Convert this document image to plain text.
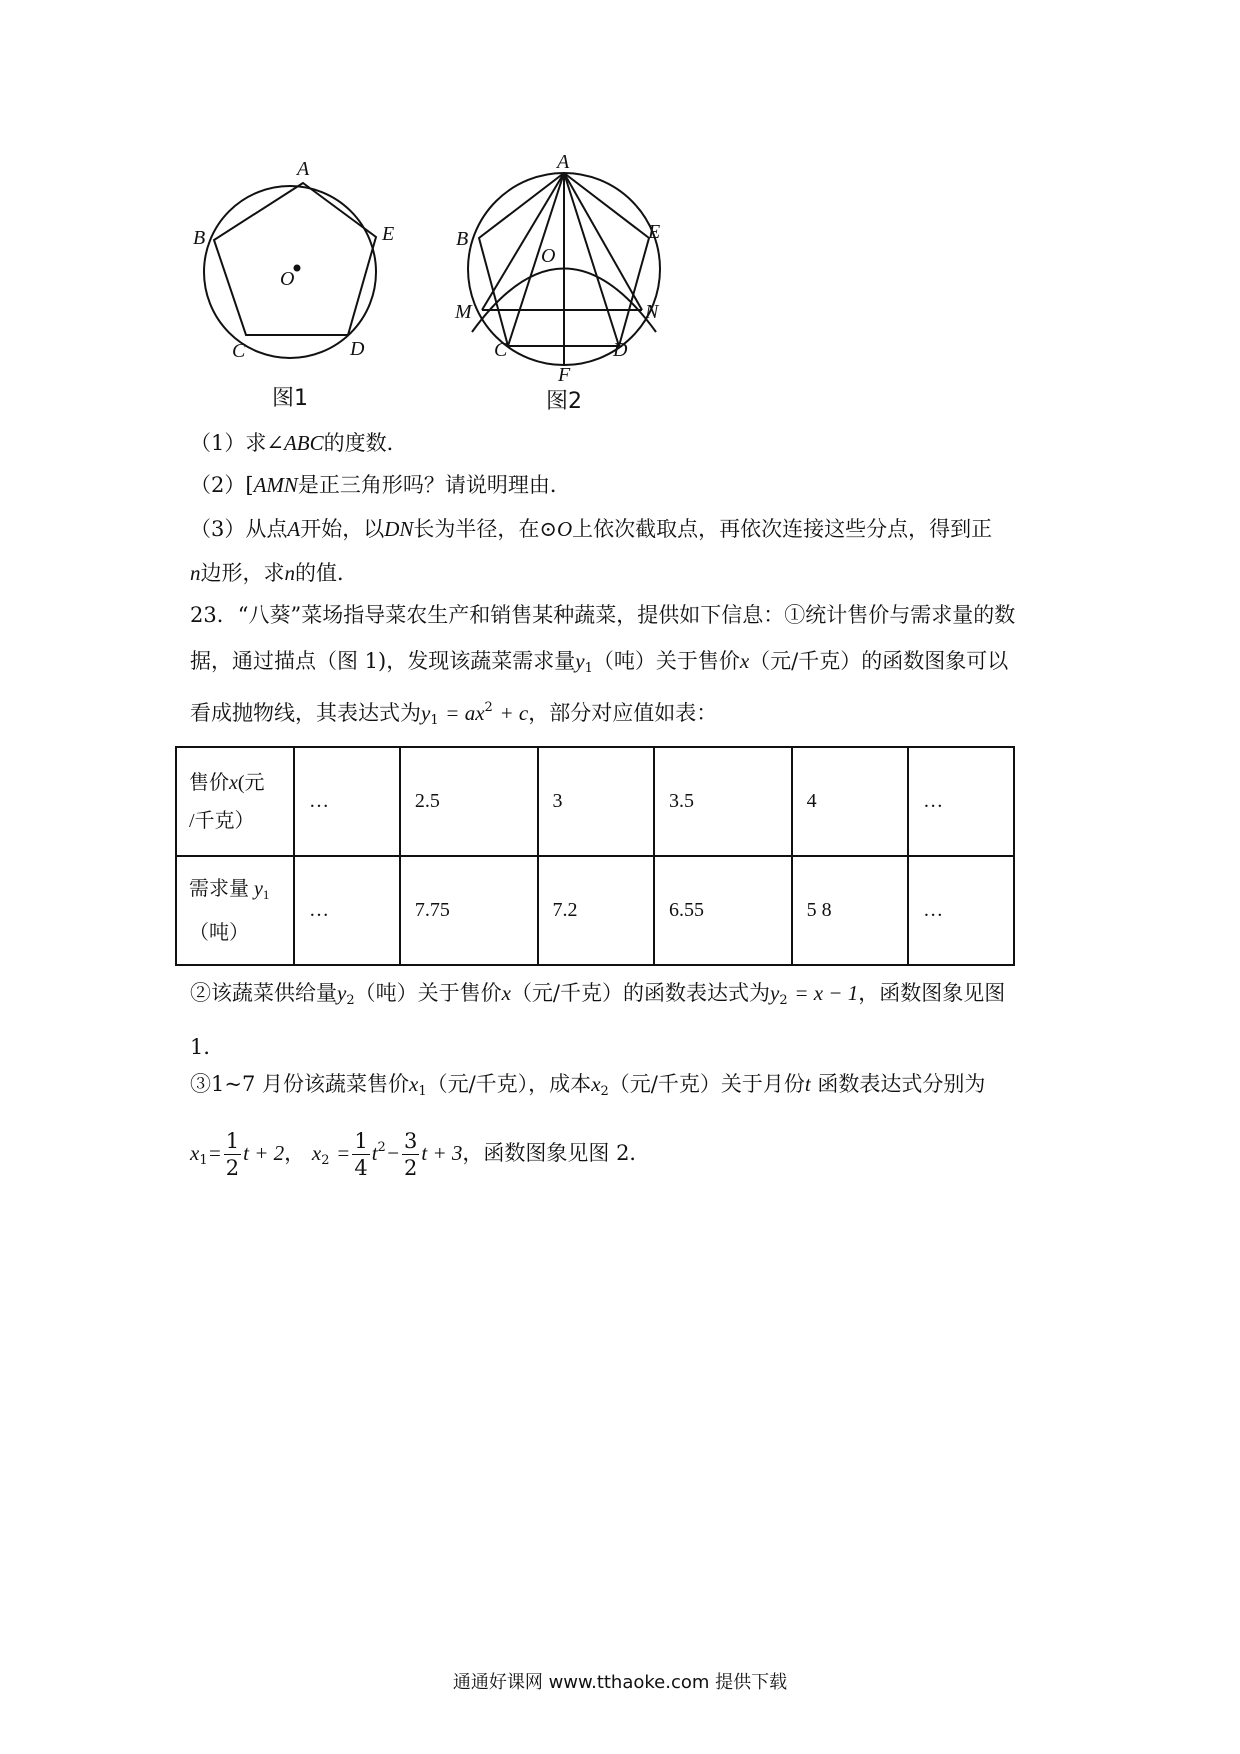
A
B	E
O
C	D
图1
A
B	E
O
M	N
C	D
F
图2
（1）求∠ABC的度数．
（2）[AMN是正三角形吗？请说明理由．
（3）从点A开始，以DN长为半径，在⊙O上依次截取点，再依次连接这些分点，得到正
n边形，求n的值．
23．“八葵”菜场指导菜农生产和销售某种蔬菜，提供如下信息：①统计售价与需求量的数
据，通过描点（图 1)，发现该蔬菜需求量$y_1$（吨）关于售价x（元/千克）的函数图象可以
看成抛物线，其表达式为$y_1 = ax^2 + c$，部分对应值如表：
售价x(元
/千克）	…	2.5	3	3.5	4	…
需求量 $y_1$
（吨）	…	7.75	7.2	6.55	5 8	…
②该蔬菜供给量$y_2$（吨）关于售价x（元/千克）的函数表达式为$y_2 = x - 1$，函数图象见图
1．
③1~7 月份该蔬菜售价$x_1$（元/千克），成本$x_2$（元/千克）关于月份t 函数表达式分别为
$x_1= \frac{1}{2}$ t + 2， $x_2 = \frac{1}{4} t^2- \frac{3}{2}$ t + 3，函数图象见图 2．
通通好课网 www.tthaoke.com 提供下载
